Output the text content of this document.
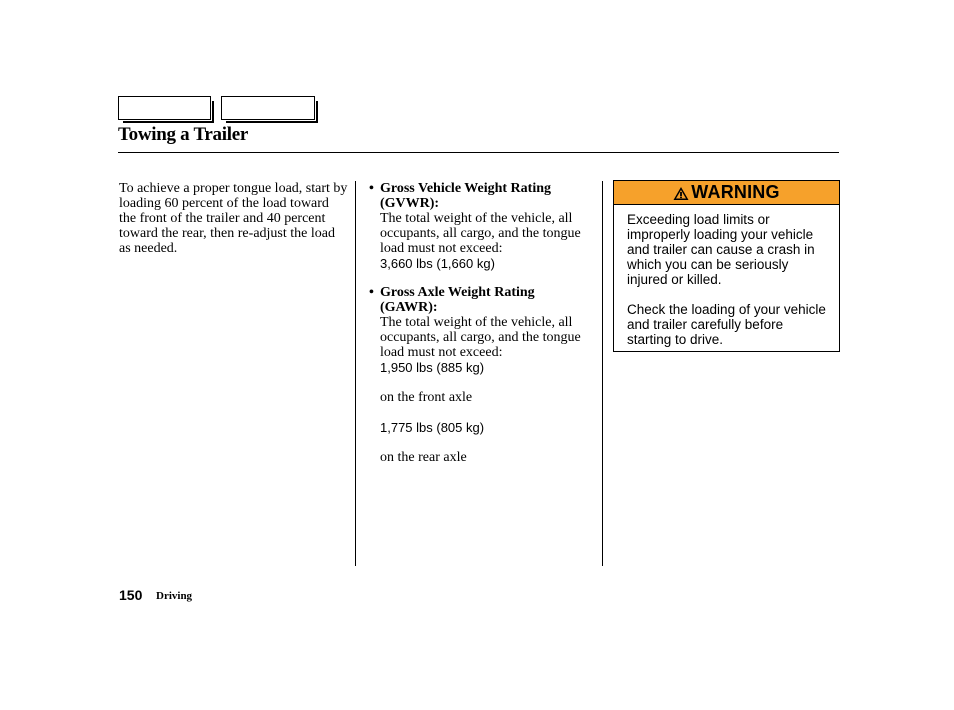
Towing a Trailer
To achieve a proper tongue load, start by loading 60 percent of the load toward the front of the trailer and 40 percent toward the rear, then re-adjust the load as needed.
• Gross Vehicle Weight Rating (GVWR):
The total weight of the vehicle, all occupants, all cargo, and the tongue load must not exceed:
3,660 lbs (1,660 kg)
• Gross Axle Weight Rating (GAWR):
The total weight of the vehicle, all occupants, all cargo, and the tongue load must not exceed:
1,950 lbs (885 kg)
on the front axle
1,775 lbs (805 kg)
on the rear axle
WARNING

Exceeding load limits or improperly loading your vehicle and trailer can cause a crash in which you can be seriously injured or killed.

Check the loading of your vehicle and trailer carefully before starting to drive.

150 Driving
